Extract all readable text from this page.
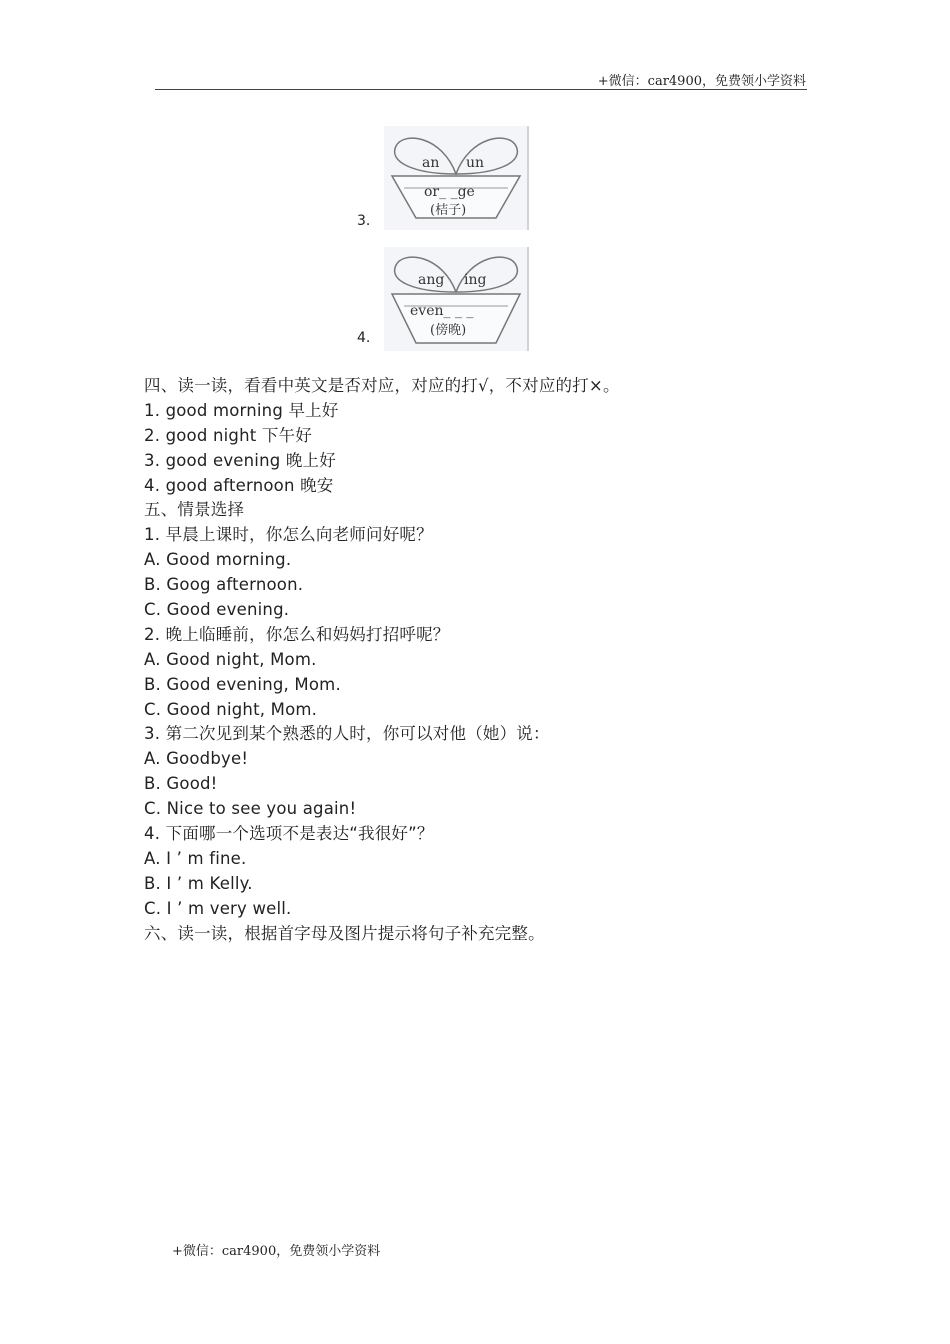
+微信：car4900，免费领小学资料
3.
an un
or_ _ge
(桔子)
4.
ang ing
even_ _ _
(傍晚)
四、读一读，看看中英文是否对应，对应的打√，不对应的打×。
1. good morning 早上好
2. good night 下午好
3. good evening 晚上好
4. good afternoon 晚安
五、情景选择
1. 早晨上课时，你怎么向老师问好呢？
A. Good morning.
B. Goog afternoon.
C. Good evening.
2. 晚上临睡前，你怎么和妈妈打招呼呢？
A. Good night, Mom.
B. Good evening, Mom.
C. Good night, Mom.
3. 第二次见到某个熟悉的人时，你可以对他（她）说：
A. Goodbye!
B. Good!
C. Nice to see you again!
4. 下面哪一个选项不是表达“我很好”？
A. I ’ m fine.
B. I ’ m Kelly.
C. I ’ m very well.
六、读一读，根据首字母及图片提示将句子补充完整。
+微信：car4900，免费领小学资料
